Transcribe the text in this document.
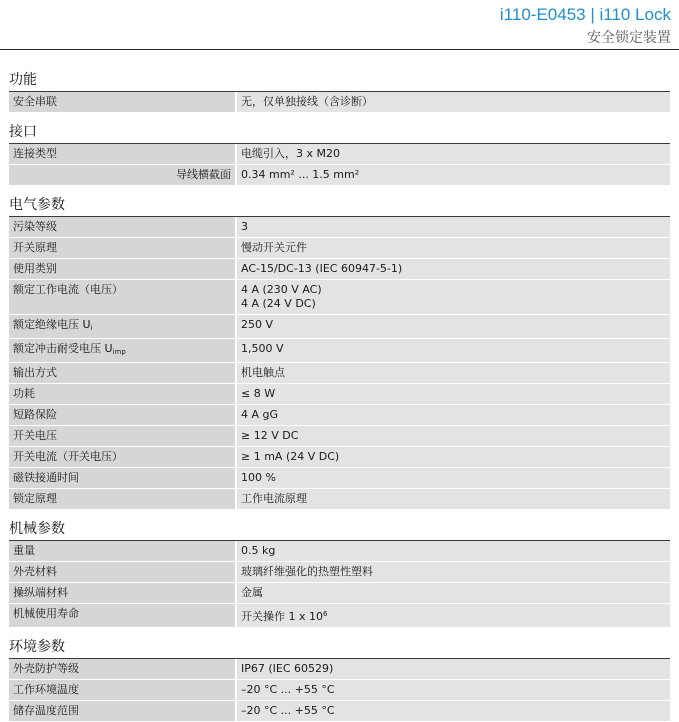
i110-E0453 | i110 Lock
安全锁定装置
功能
安全串联	无，仅单独接线（含诊断）
接口
连接类型	电缆引入，3 x M20
导线横截面 0.34 mm² ... 1.5 mm²
电气参数
污染等级	3
开关原理	慢动开关元件
使用类别	AC-15/DC-13 (IEC 60947-5-1)
额定工作电流（电压）	4 A (230 V AC)
4 A (24 V DC)
额定绝缘电压 $U_i$	250 V
额定冲击耐受电压 $U_{imp}$	1,500 V
输出方式	机电触点
功耗	≤ 8 W
短路保险	4 A gG
开关电压	≥ 12 V DC
开关电流（开关电压）	≥ 1 mA (24 V DC)
磁铁接通时间	100 %
锁定原理	工作电流原理
机械参数
重量	0.5 kg
外壳材料	玻璃纤维强化的热塑性塑料
操纵端材料	金属
机械使用寿命	开关操作 1 x $10^6$
环境参数
外壳防护等级	IP67 (IEC 60529)
工作环境温度	–20 °C ... +55 °C
储存温度范围	–20 °C ... +55 °C
